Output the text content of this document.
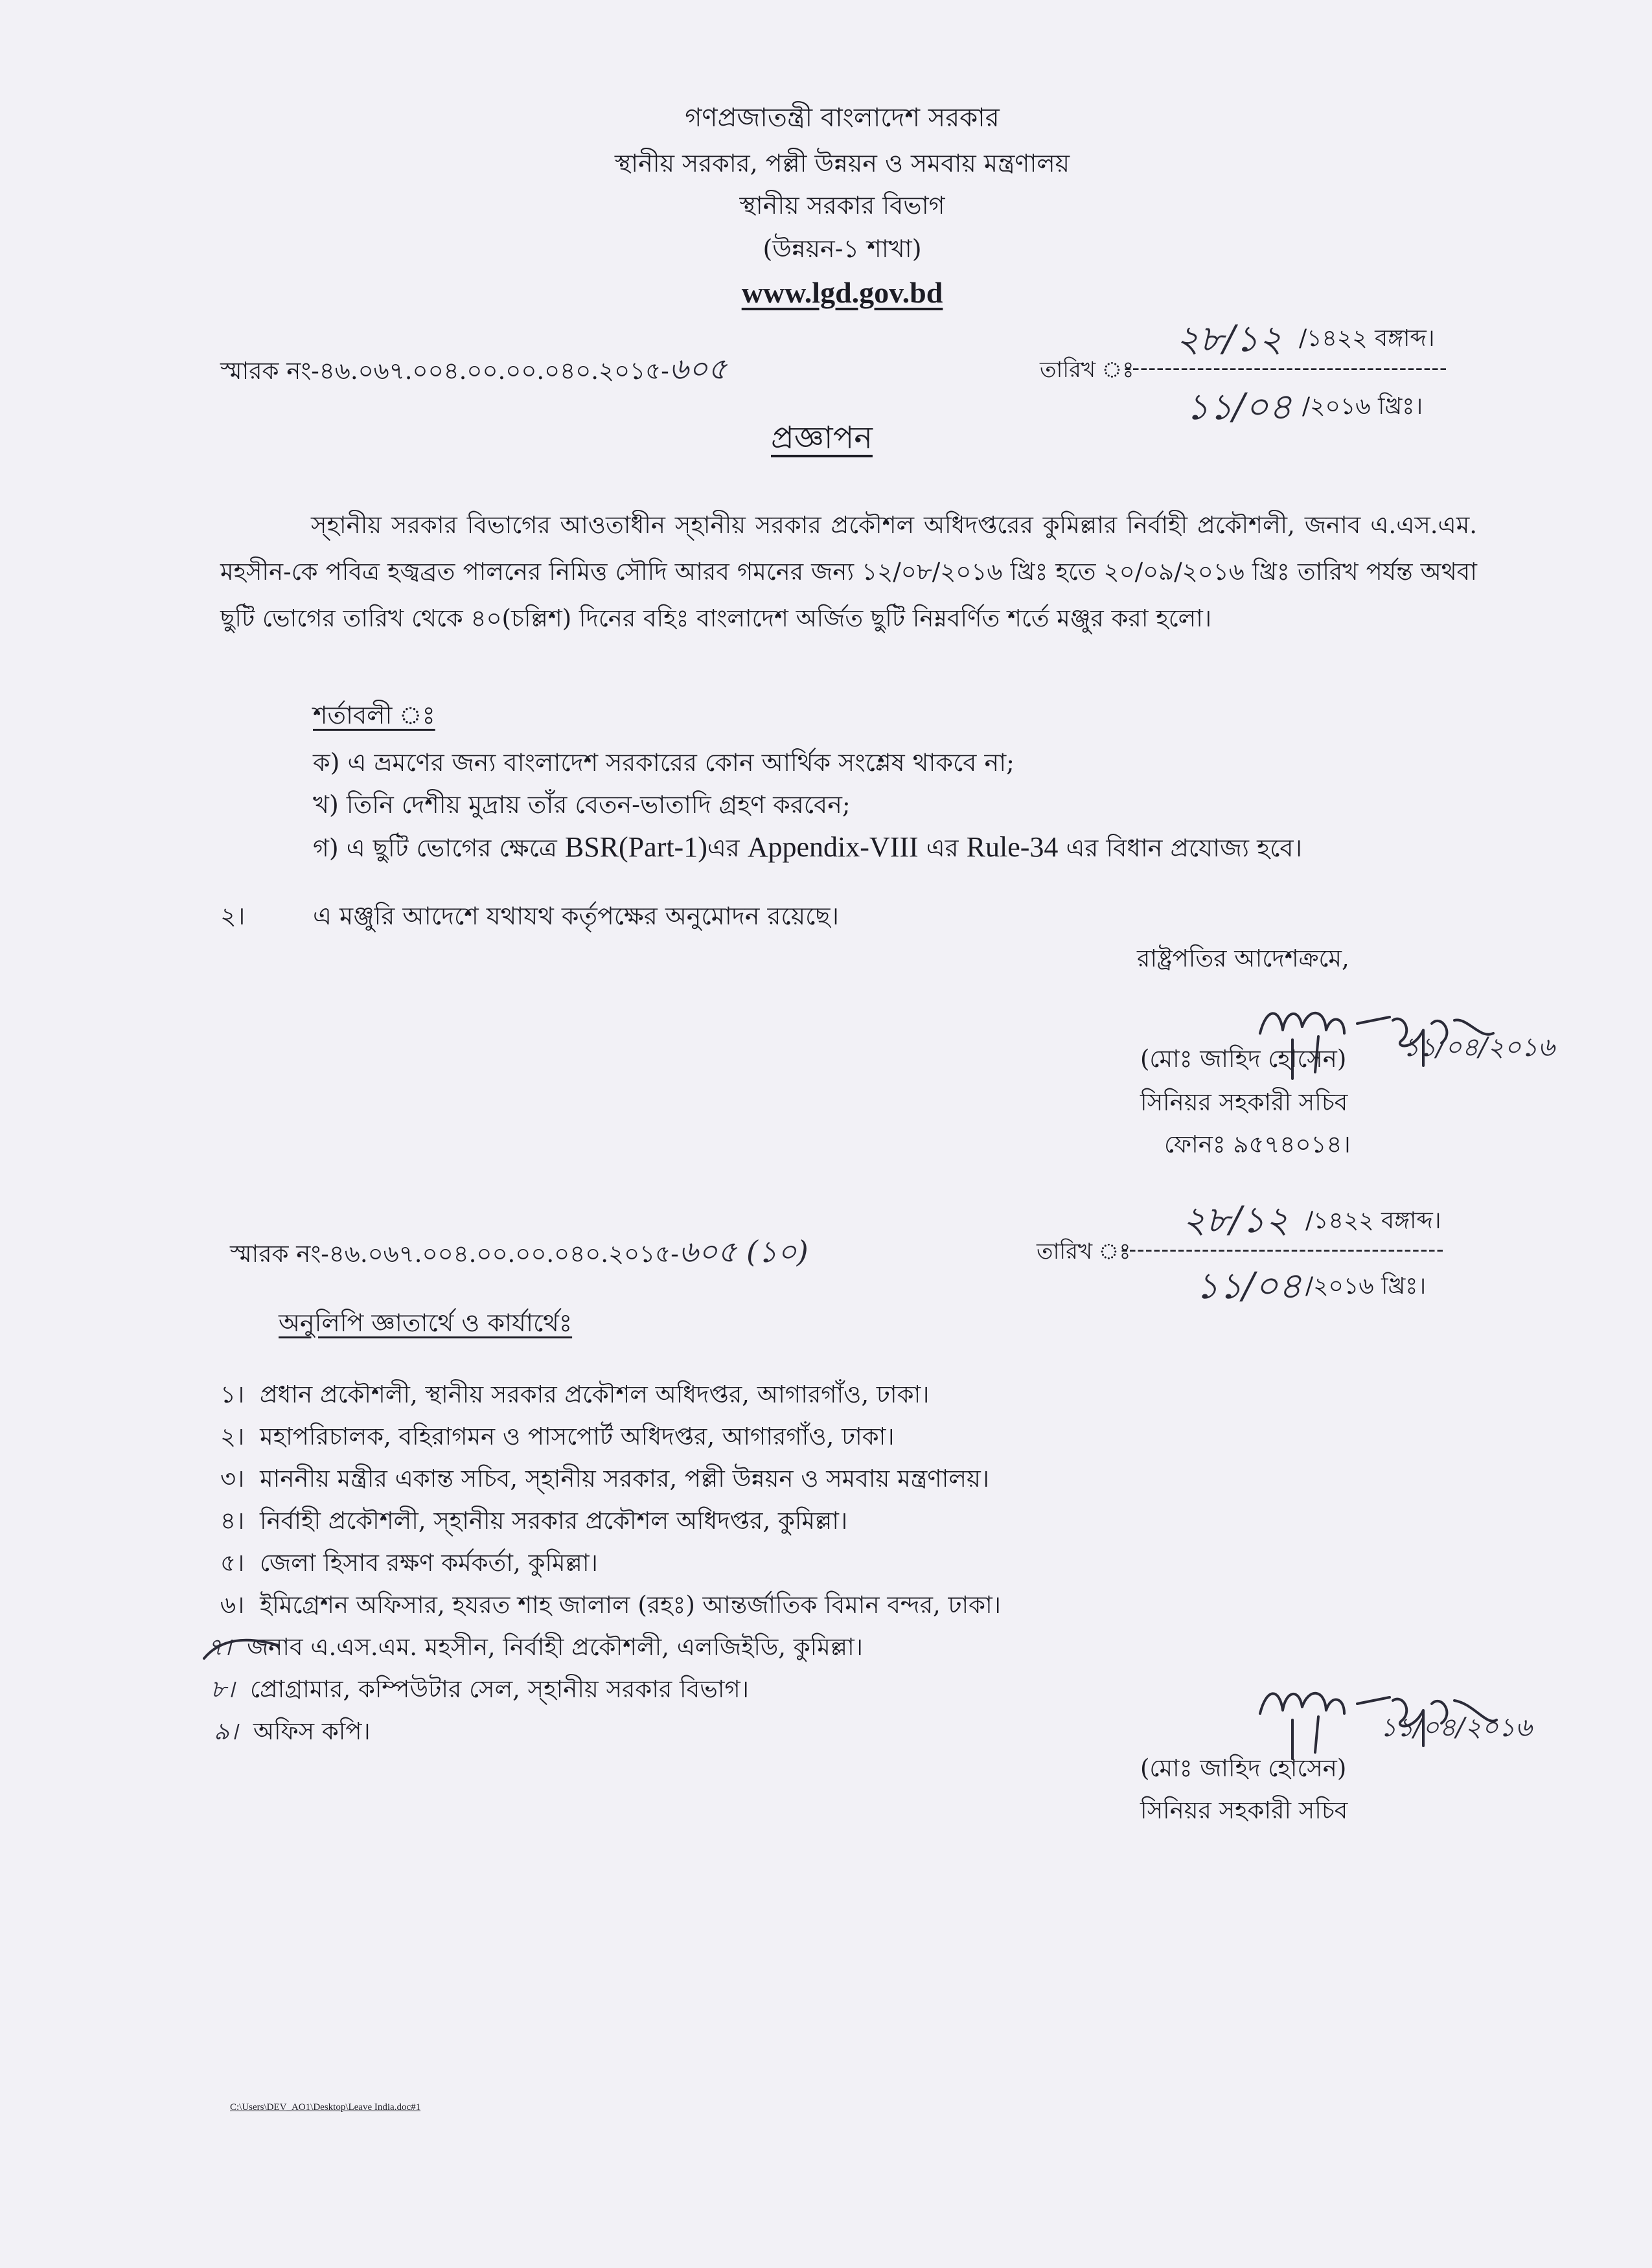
গণপ্রজাতন্ত্রী বাংলাদেশ সরকার
স্থানীয় সরকার, পল্লী উন্নয়ন ও সমবায় মন্ত্রণালয়
স্থানীয় সরকার বিভাগ
(উন্নয়ন-১ শাখা)
www.lgd.gov.bd
স্মারক নং-৪৬.০৬৭.০০৪.০০.০০.০৪০.২০১৫-৬০৫
২৮/১২ /১৪২২ বঙ্গাব্দ।
তারিখ ঃ
----------------------------------------
১১/০৪ /২০১৬ খ্রিঃ।
প্রজ্ঞাপন
স্হানীয় সরকার বিভাগের আওতাধীন স্হানীয় সরকার প্রকৌশল অধিদপ্তরের কুমিল্লার নির্বাহী প্রকৌশলী, জনাব এ.এস.এম. মহসীন-কে পবিত্র হজ্বব্রত পালনের নিমিত্ত সৌদি আরব গমনের জন্য ১২/০৮/২০১৬ খ্রিঃ হতে ২০/০৯/২০১৬ খ্রিঃ তারিখ পর্যন্ত অথবা ছুটি ভোগের তারিখ থেকে ৪০(চল্লিশ) দিনের বহিঃ বাংলাদেশ অর্জিত ছুটি নিম্নবর্ণিত শর্তে মঞ্জুর করা হলো।
শর্তাবলী ঃ
ক) এ ভ্রমণের জন্য বাংলাদেশ সরকারের কোন আর্থিক সংশ্লেষ থাকবে না;
খ) তিনি দেশীয় মুদ্রায় তাঁর বেতন-ভাতাদি গ্রহণ করবেন;
গ) এ ছুটি ভোগের ক্ষেত্রে BSR(Part-1)এর Appendix-VIII এর Rule-34 এর বিধান প্রযোজ্য হবে।
২।	এ মঞ্জুরি আদেশে যথাযথ কর্তৃপক্ষের অনুমোদন রয়েছে।
রাষ্ট্রপতির আদেশক্রমে,
১১/০৪/২০১৬
(মোঃ জাহিদ হোসেন)
সিনিয়র সহকারী সচিব
ফোনঃ ৯৫৭৪০১৪।
স্মারক নং-৪৬.০৬৭.০০৪.০০.০০.০৪০.২০১৫-৬০৫ (১০)
২৮/১২ /১৪২২ বঙ্গাব্দ।
তারিখ ঃ
----------------------------------------
১১/০৪ /২০১৬ খ্রিঃ।
অনুলিপি জ্ঞাতার্থে ও কার্যার্থেঃ
১। প্রধান প্রকৌশলী, স্থানীয় সরকার প্রকৌশল অধিদপ্তর, আগারগাঁও, ঢাকা।
২। মহাপরিচালক, বহিরাগমন ও পাসপোর্ট অধিদপ্তর, আগারগাঁও, ঢাকা।
৩। মাননীয় মন্ত্রীর একান্ত সচিব, স্হানীয় সরকার, পল্লী উন্নয়ন ও সমবায় মন্ত্রণালয়।
৪। নির্বাহী প্রকৌশলী, স্হানীয় সরকার প্রকৌশল অধিদপ্তর, কুমিল্লা।
৫। জেলা হিসাব রক্ষণ কর্মকর্তা, কুমিল্লা।
৬। ইমিগ্রেশন অফিসার, হযরত শাহ জালাল (রহঃ) আন্তর্জাতিক বিমান বন্দর, ঢাকা।
৭। জনাব এ.এস.এম. মহসীন, নির্বাহী প্রকৌশলী, এলজিইডি, কুমিল্লা।
৮। প্রোগ্রামার, কম্পিউটার সেল, স্হানীয় সরকার বিভাগ।
৯। অফিস কপি।	১১/০৪/২০১৬
(মোঃ জাহিদ হোসেন)
সিনিয়র সহকারী সচিব
C:\Users\DEV_AO1\Desktop\Leave India.doc#1
